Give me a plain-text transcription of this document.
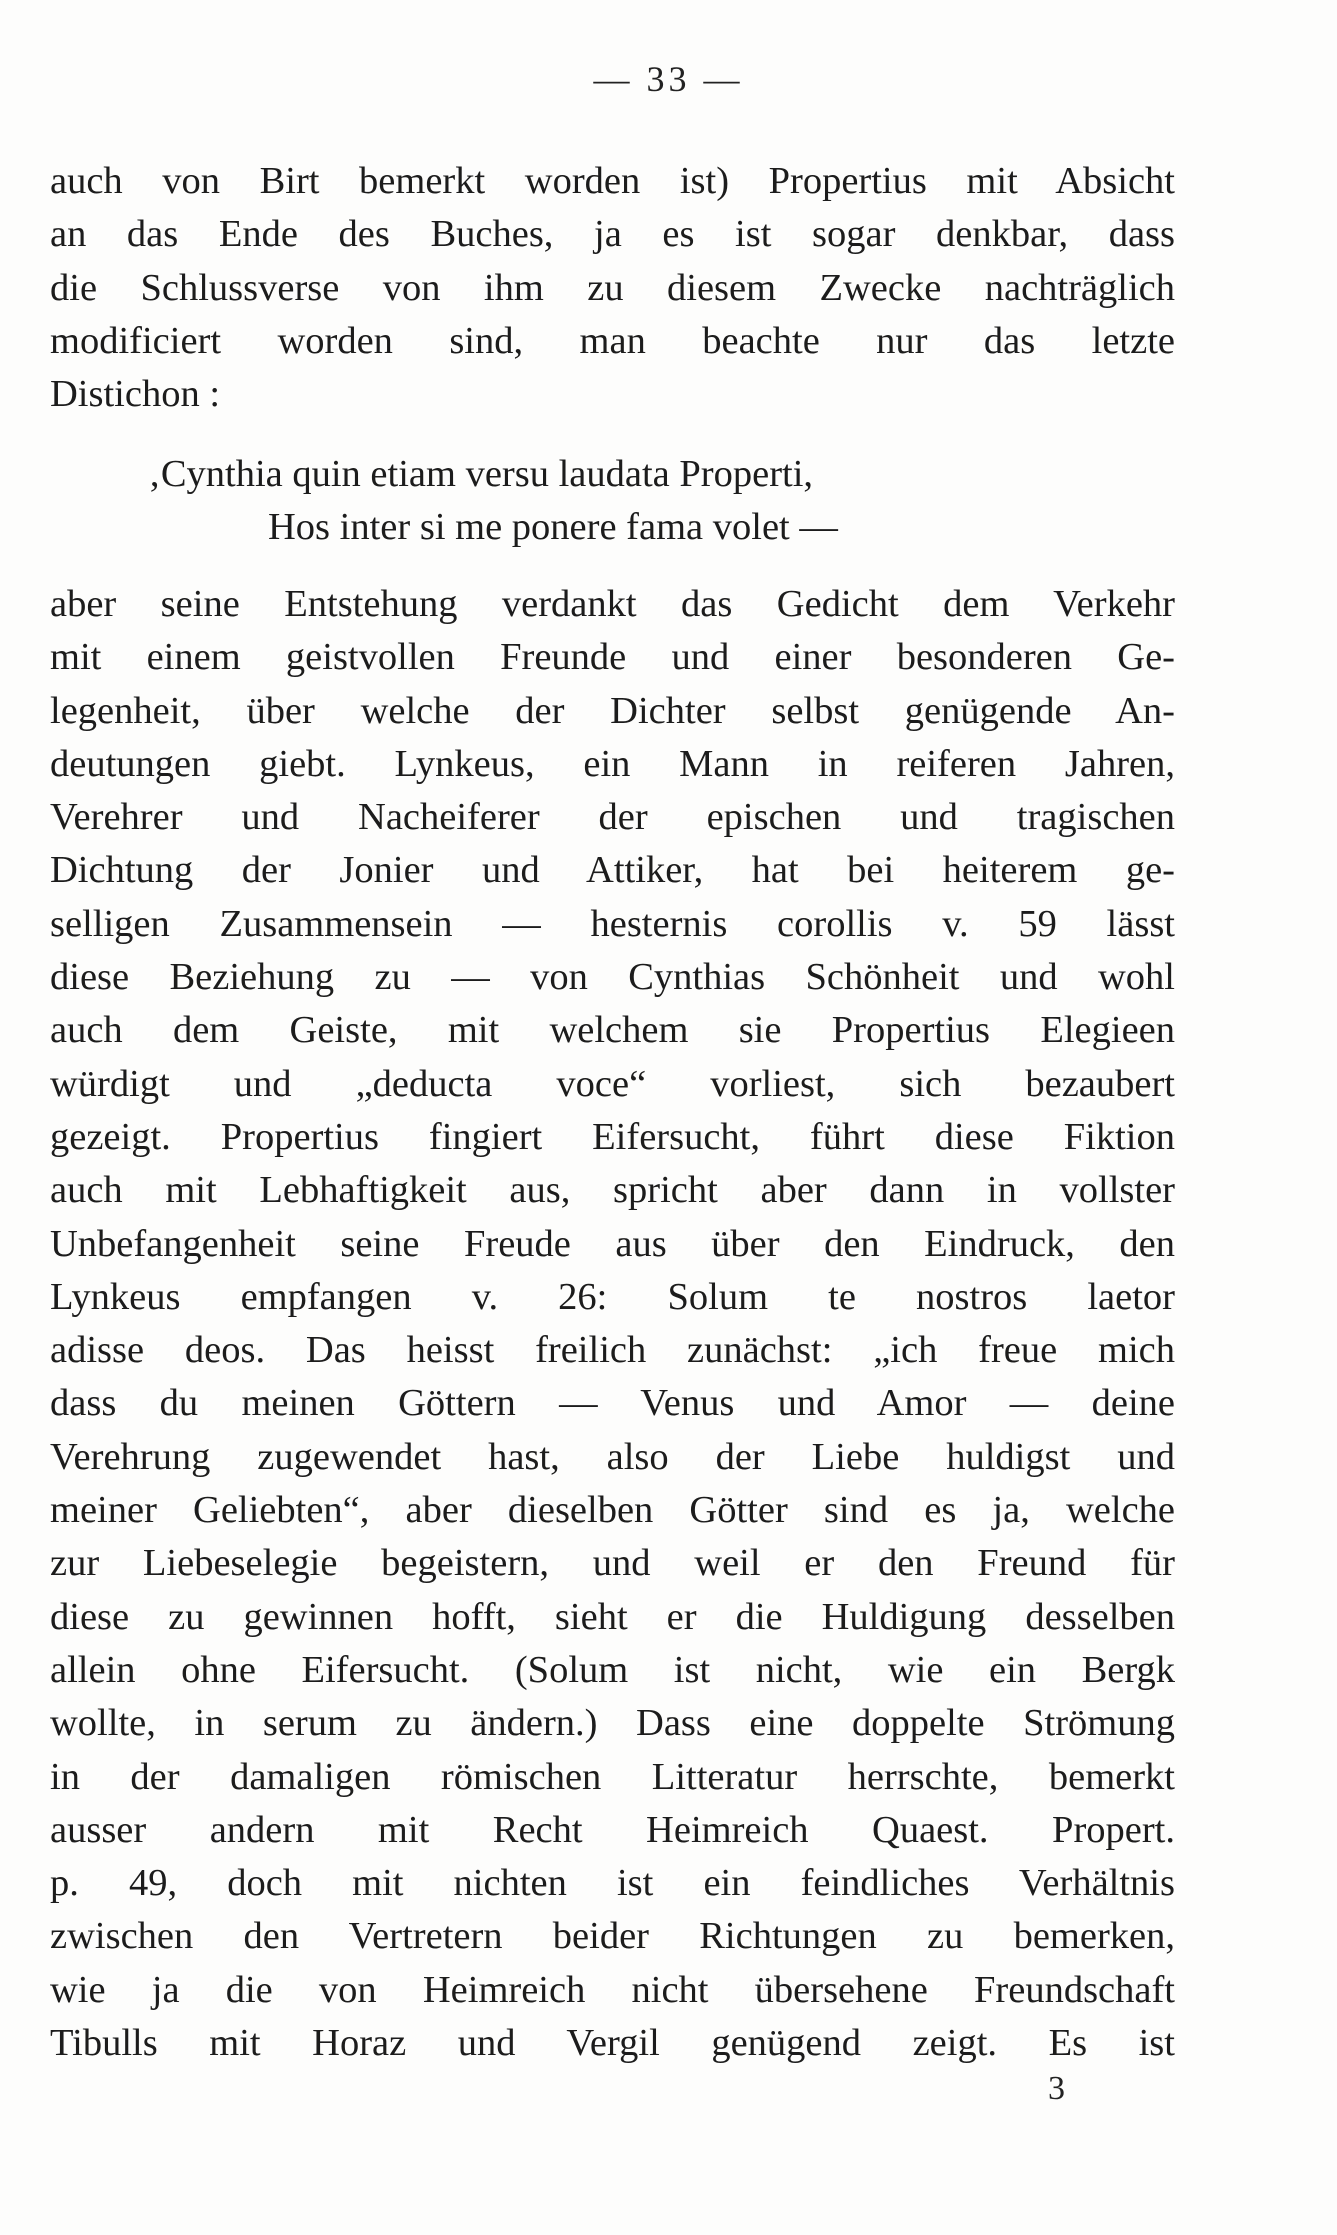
— 33 —
auch von Birt bemerkt worden ist) Propertius mit Absicht
an das Ende des Buches, ja es ist sogar denkbar, dass
die Schlussverse von ihm zu diesem Zwecke nachträglich
modificiert worden sind, man beachte nur das letzte
Distichon :
‚Cynthia quin etiam versu laudata Properti,
Hos inter si me ponere fama volet —
aber seine Entstehung verdankt das Gedicht dem Verkehr
mit einem geistvollen Freunde und einer besonderen Ge-
legenheit, über welche der Dichter selbst genügende An-
deutungen giebt. Lynkeus, ein Mann in reiferen Jahren,
Verehrer und Nacheiferer der epischen und tragischen
Dichtung der Jonier und Attiker, hat bei heiterem ge-
selligen Zusammensein — hesternis corollis v. 59 lässt
diese Beziehung zu — von Cynthias Schönheit und wohl
auch dem Geiste, mit welchem sie Propertius Elegieen
würdigt und „deducta voce“ vorliest, sich bezaubert
gezeigt. Propertius fingiert Eifersucht, führt diese Fiktion
auch mit Lebhaftigkeit aus, spricht aber dann in vollster
Unbefangenheit seine Freude aus über den Eindruck, den
Lynkeus empfangen v. 26: Solum te nostros laetor
adisse deos. Das heisst freilich zunächst: „ich freue mich
dass du meinen Göttern — Venus und Amor — deine
Verehrung zugewendet hast, also der Liebe huldigst und
meiner Geliebten“, aber dieselben Götter sind es ja, welche
zur Liebeselegie begeistern, und weil er den Freund für
diese zu gewinnen hofft, sieht er die Huldigung desselben
allein ohne Eifersucht. (Solum ist nicht, wie ein Bergk
wollte, in serum zu ändern.) Dass eine doppelte Strömung
in der damaligen römischen Litteratur herrschte, bemerkt
ausser andern mit Recht Heimreich Quaest. Propert.
p. 49, doch mit nichten ist ein feindliches Verhältnis
zwischen den Vertretern beider Richtungen zu bemerken,
wie ja die von Heimreich nicht übersehene Freundschaft
Tibulls mit Horaz und Vergil genügend zeigt. Es ist
3
